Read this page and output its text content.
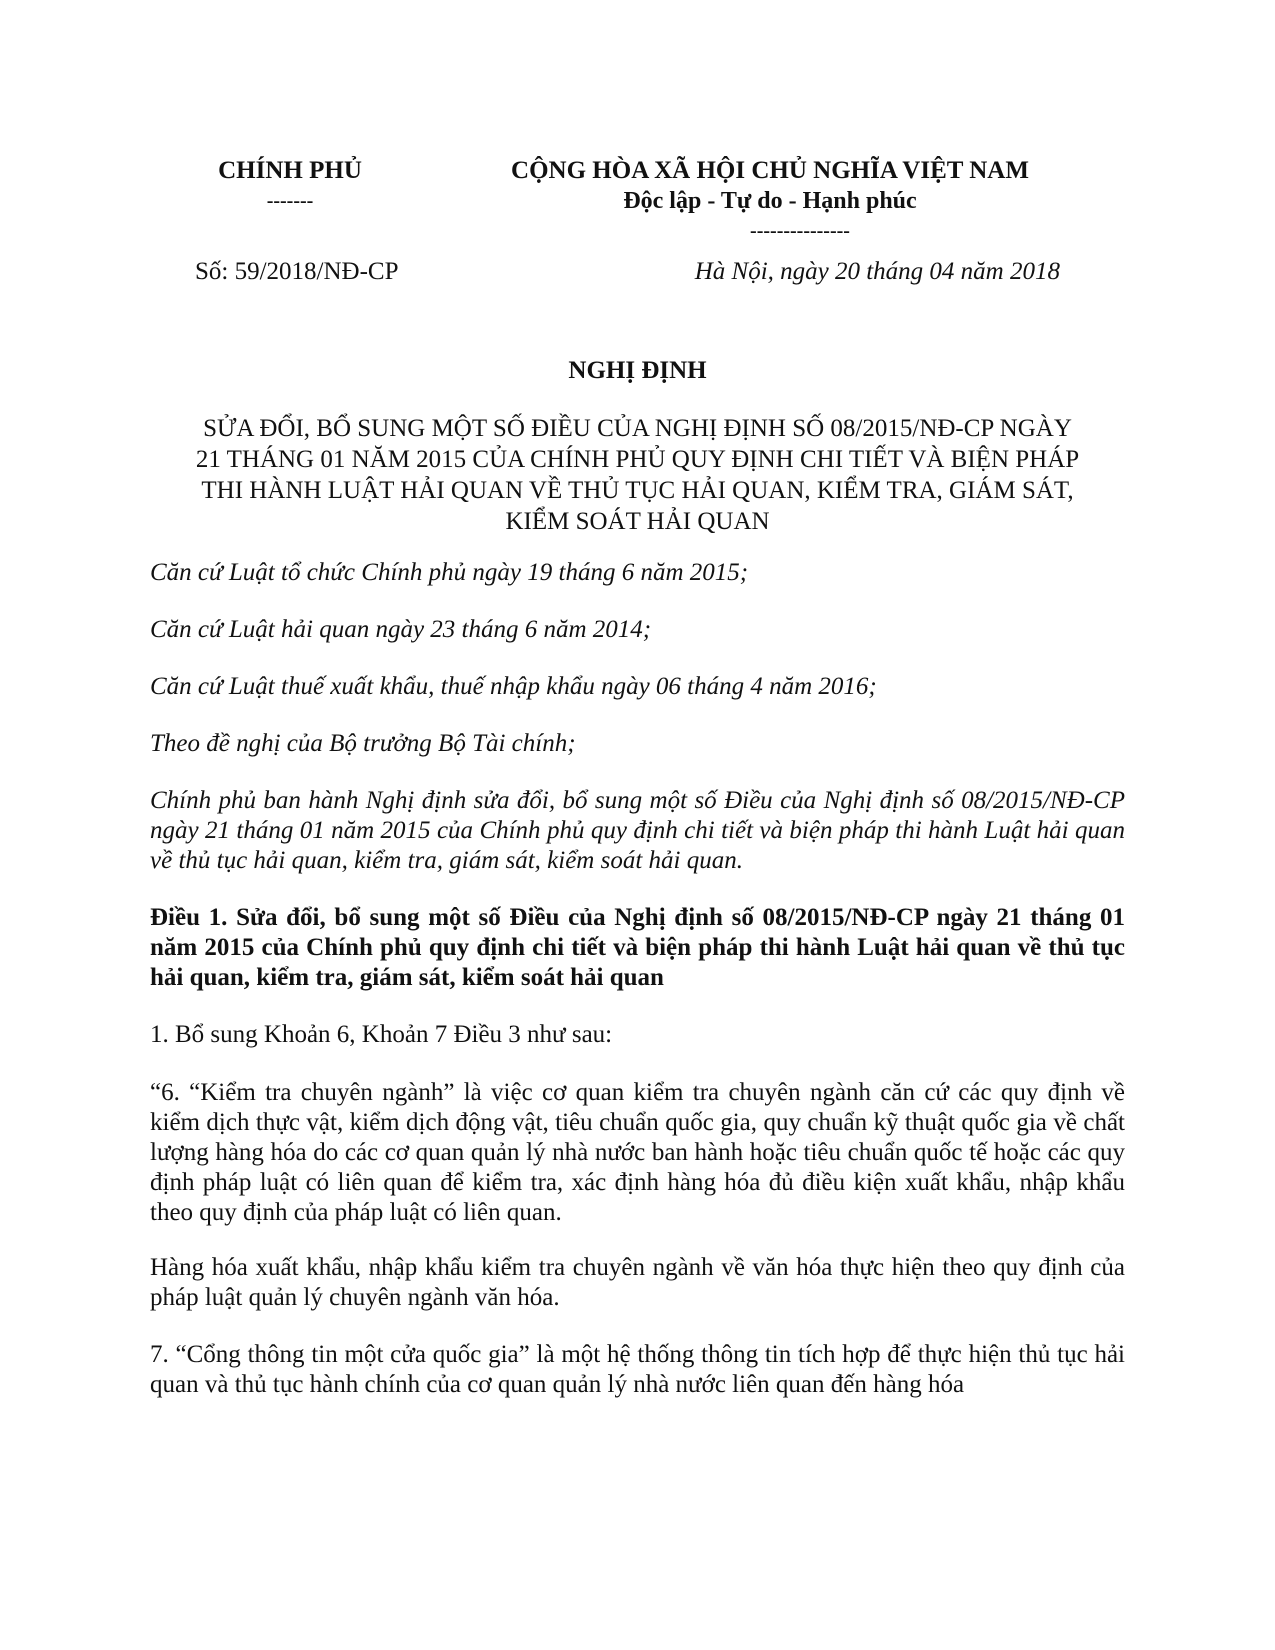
CHÍNH PHỦ
-------
CỘNG HÒA XÃ HỘI CHỦ NGHĨA VIỆT NAM
Độc lập - Tự do - Hạnh phúc
---------------
Số: 59/2018/NĐ-CP	Hà Nội, ngày 20 tháng 04 năm 2018
NGHỊ ĐỊNH
SỬA ĐỔI, BỔ SUNG MỘT SỐ ĐIỀU CỦA NGHỊ ĐỊNH SỐ 08/2015/NĐ-CP NGÀY
21 THÁNG 01 NĂM 2015 CỦA CHÍNH PHỦ QUY ĐỊNH CHI TIẾT VÀ BIỆN PHÁP
THI HÀNH LUẬT HẢI QUAN VỀ THỦ TỤC HẢI QUAN, KIỂM TRA, GIÁM SÁT,
KIỂM SOÁT HẢI QUAN

Căn cứ Luật tổ chức Chính phủ ngày 19 tháng 6 năm 2015;

Căn cứ Luật hải quan ngày 23 tháng 6 năm 2014;

Căn cứ Luật thuế xuất khẩu, thuế nhập khẩu ngày 06 tháng 4 năm 2016;

Theo đề nghị của Bộ trưởng Bộ Tài chính;

Chính phủ ban hành Nghị định sửa đổi, bổ sung một số Điều của Nghị định số 08/2015/NĐ-CP ngày 21 tháng 01 năm 2015 của Chính phủ quy định chi tiết và biện pháp thi hành Luật hải quan về thủ tục hải quan, kiểm tra, giám sát, kiểm soát hải quan.

Điều 1. Sửa đổi, bổ sung một số Điều của Nghị định số 08/2015/NĐ-CP ngày 21 tháng 01 năm 2015 của Chính phủ quy định chi tiết và biện pháp thi hành Luật hải quan về thủ tục hải quan, kiểm tra, giám sát, kiểm soát hải quan

1. Bổ sung Khoản 6, Khoản 7 Điều 3 như sau:

“6. “Kiểm tra chuyên ngành” là việc cơ quan kiểm tra chuyên ngành căn cứ các quy định về kiểm dịch thực vật, kiểm dịch động vật, tiêu chuẩn quốc gia, quy chuẩn kỹ thuật quốc gia về chất lượng hàng hóa do các cơ quan quản lý nhà nước ban hành hoặc tiêu chuẩn quốc tế hoặc các quy định pháp luật có liên quan để kiểm tra, xác định hàng hóa đủ điều kiện xuất khẩu, nhập khẩu theo quy định của pháp luật có liên quan.

Hàng hóa xuất khẩu, nhập khẩu kiểm tra chuyên ngành về văn hóa thực hiện theo quy định của pháp luật quản lý chuyên ngành văn hóa.

7. “Cổng thông tin một cửa quốc gia” là một hệ thống thông tin tích hợp để thực hiện thủ tục hải quan và thủ tục hành chính của cơ quan quản lý nhà nước liên quan đến hàng hóa
